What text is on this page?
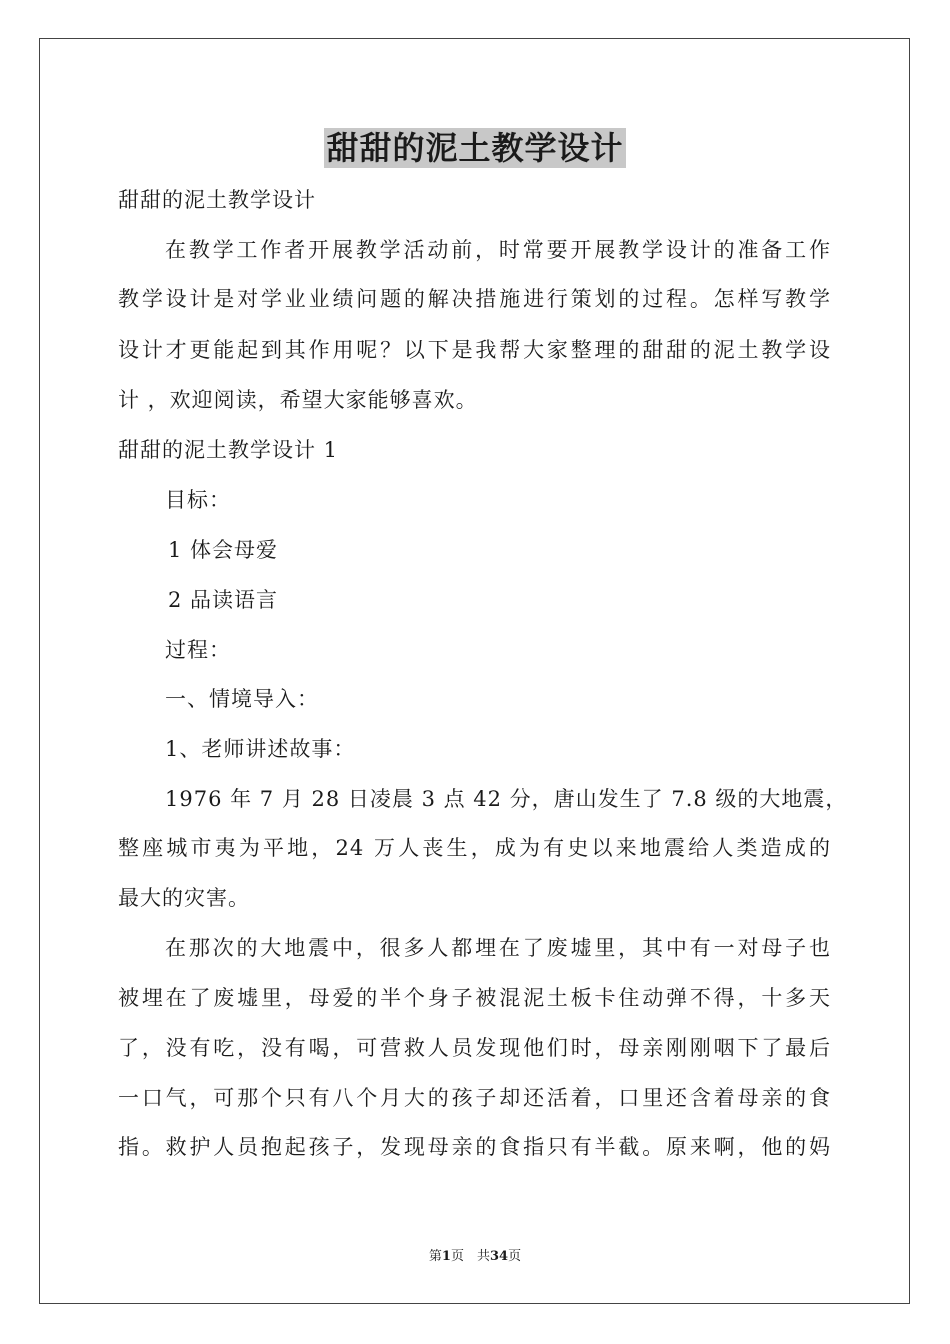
甜甜的泥土教学设计
甜甜的泥土教学设计
在教学工作者开展教学活动前，时常要开展教学设计的准备工作
教学设计是对学业业绩问题的解决措施进行策划的过程。怎样写教学
设计才更能起到其作用呢？以下是我帮大家整理的甜甜的泥土教学设
计 ，欢迎阅读，希望大家能够喜欢。
甜甜的泥土教学设计 1
目标：
1 体会母爱
2 品读语言
过程：
一、情境导入：
1、老师讲述故事：
1976 年 7 月 28 日凌晨 3 点 42 分，唐山发生了 7.8 级的大地震，
整座城市夷为平地，24 万人丧生，成为有史以来地震给人类造成的
最大的灾害。
在那次的大地震中，很多人都埋在了废墟里，其中有一对母子也
被埋在了废墟里，母爱的半个身子被混泥土板卡住动弹不得，十多天
了，没有吃，没有喝，可营救人员发现他们时，母亲刚刚咽下了最后
一口气，可那个只有八个月大的孩子却还活着，口里还含着母亲的食
指。救护人员抱起孩子，发现母亲的食指只有半截。原来啊，他的妈
第1页　共34页
